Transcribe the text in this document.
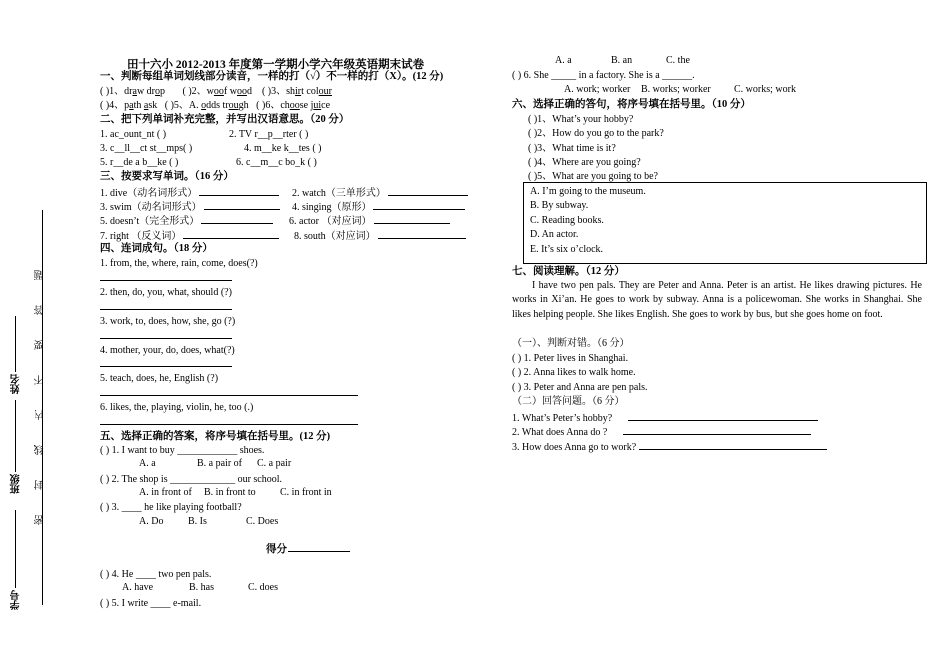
题
答
要
不
内
线
封
密
姓名
班级
学号
田十六小 2012-2013 年度第一学期小学六年级英语期末试卷
一、判断每组单词划线部分读音，一样的打（√）不一样的打（X）。(12 分)
( )1、draw drop ( )2、woof wood ( )3、shirt colour
( )4、path ask ( )5、A. odds trough ( )6、choose juice
二、把下列单词补充完整，并写出汉语意思。（20 分）
1. ac_ount_nt ( )	2. TV r__p__rter ( )
3. c__ll__ct st__mps( )	4. m__ke k__tes ( )
5. r__de a b__ke ( )	6. c__m__c bo_k ( )
三、按要求写单词。（16 分）
1. dive（动名词形式）	2. watch（三单形式）
3. swim（动名词形式）	4. singing（原形）
5. doesn’t（完全形式）	6. actor （对应词）
7. right （反义词）	8. south（对应词）
四、连词成句。（18 分）
1. from, the, where, rain, come, does(?)
2. then, do, you, what, should (?)
3. work, to, does, how, she, go (?)
4. mother, your, do, does, what(?)
5. teach, does, he, English (?)
6. likes, the, playing, violin, he, too (.)
五、选择正确的答案，将序号填在括号里。(12 分)
( ) 1. I want to buy ____________ shoes.
A. a	B. a pair of C. a pair
( ) 2. The shop is _____________ our school.
A. in front of B. in front to C. in front in
( ) 3. ____ he like playing football?
A. Do B. Is	C. Does
得分
( ) 4. He ____ two pen pals.
A. have	B. has	C. does
( ) 5. I write ____ e-mail.
A. a	B. an	C. the
( ) 6. She _____ in a factory. She is a ______.
A. work; worker B. works; worker C. works; work
六、选择正确的答句，将序号填在括号里。（10 分）
( )1、What’s your hobby?
( )2、How do you go to the park?
( )3、What time is it?
( )4、Where are you going?
( )5、What are you going to be?
A. I’m going to the museum.
B. By subway.
C. Reading books.
D. An actor.
E. It’s six o’clock.
七、阅读理解。（12 分）
I have two pen pals. They are Peter and Anna. Peter is an artist. He likes drawing pictures. He works in Xi’an. He goes to work by subway. Anna is a policewoman. She works in Shanghai. She likes helping people. She likes English. She goes to work by bus, but she goes home on foot.
（一）、判断对错。（6 分）
( ) 1. Peter lives in Shanghai.
( ) 2. Anna likes to walk home.
( ) 3. Peter and Anna are pen pals.
（二）回答问题。（6 分）
1. What’s Peter’s hobby?
2. What does Anna do ?
3. How does Anna go to work?
